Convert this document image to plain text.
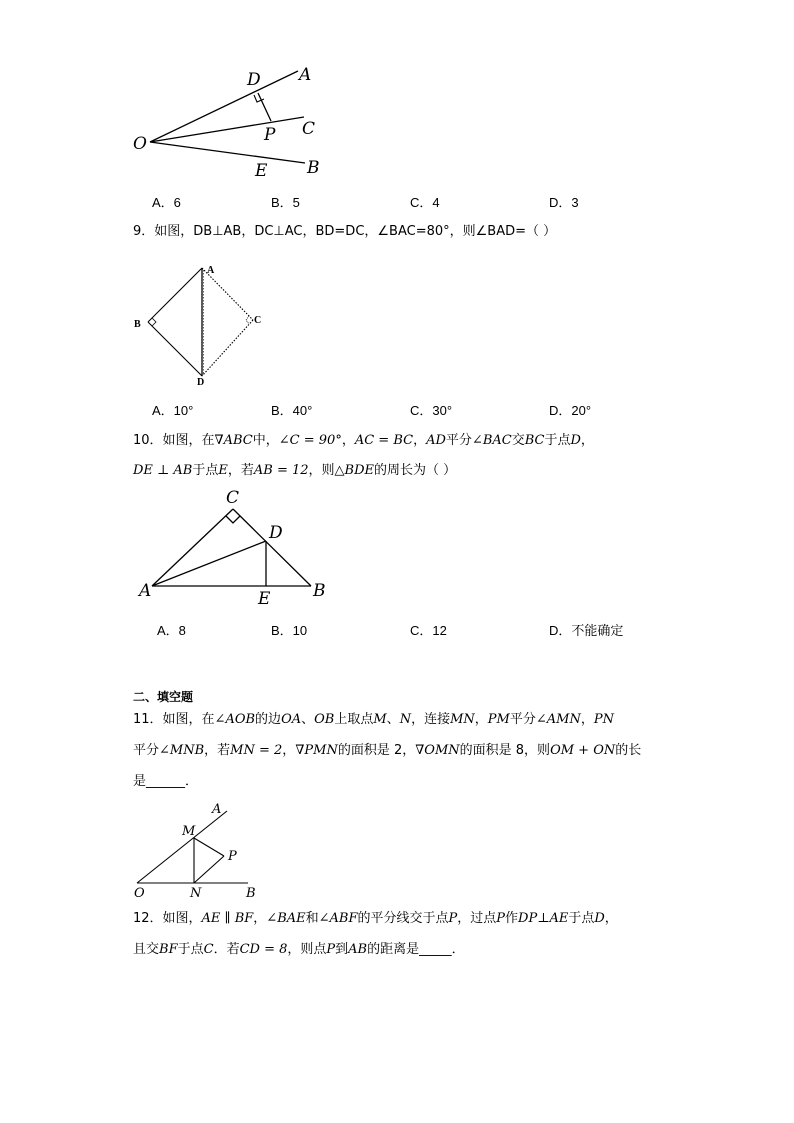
O
D A
P C
E B
A．6	B．5	C．4	D．3
9．如图，DB⊥AB，DC⊥AC，BD=DC，∠BAC=80°，则∠BAD=（ ）
A
B	C
D
A．10°	B．40°	C．30°	D．20°
10．如图，在∇ABC中，∠C = 90°，AC = BC，AD平分∠BAC交BC于点D，
DE ⊥ AB于点E，若AB = 12，则△BDE的周长为（ ）
C
D
A	E	B
A．8	B．10	C．12	D．不能确定
二、填空题
11．如图，在∠AOB的边OA、OB上取点M、N，连接MN，PM平分∠AMN，PN
平分∠MNB，若MN = 2，∇PMN的面积是 2，∇OMN的面积是 8，则OM + ON的长
是______．
A
M
P
O	N	B
12．如图，AE ∥ BF，∠BAE和∠ABF的平分线交于点P，过点P作DP⊥AE于点D，
且交BF于点C．若CD = 8，则点P到AB的距离是_____．
